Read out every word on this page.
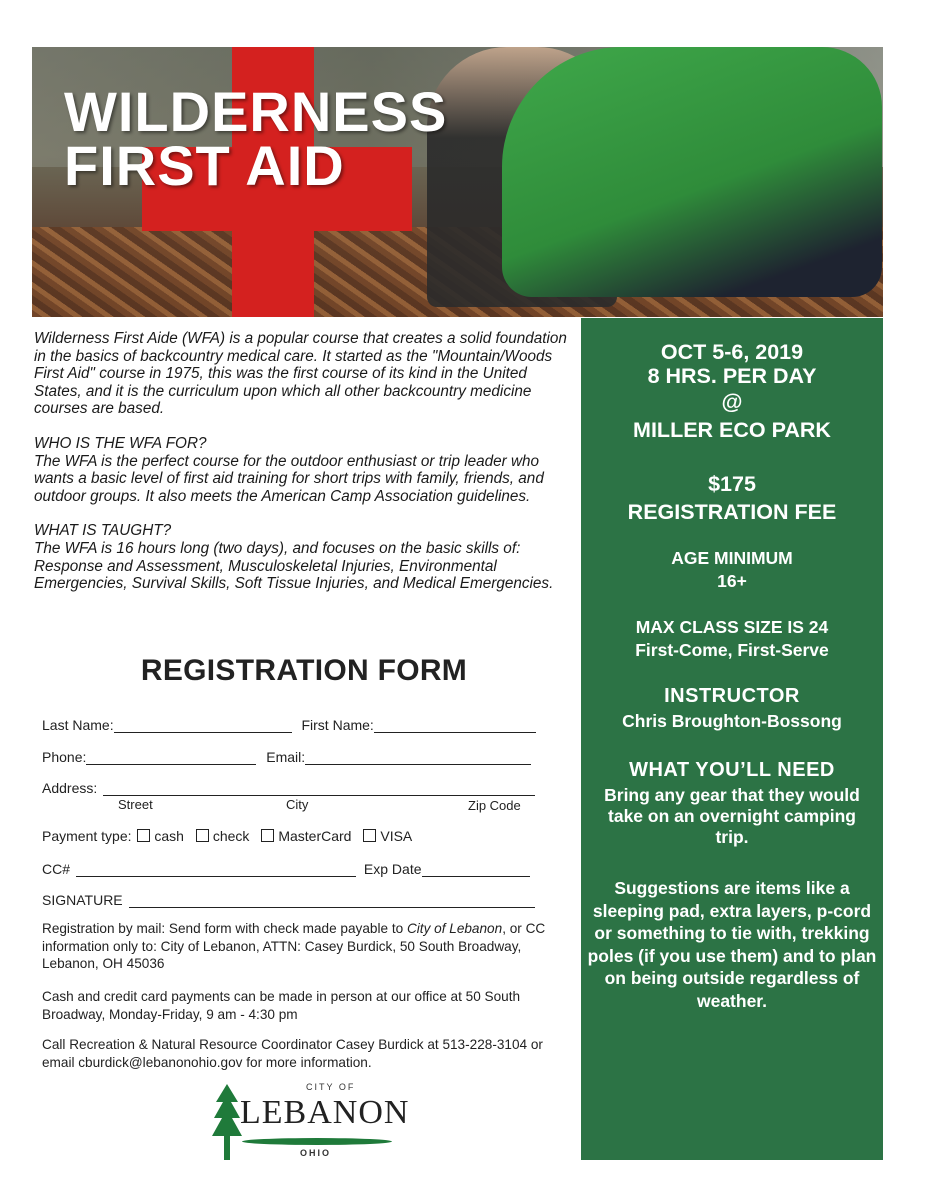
WILDERNESS
FIRST AID

Wilderness First Aide (WFA) is a popular course that creates a solid foundation in the basics of backcountry medical care. It started as the "Mountain/Woods First Aid" course in 1975, this was the first course of its kind in the United States, and it is the curriculum upon which all other backcountry medicine courses are based.

WHO IS THE WFA FOR?
The WFA is the perfect course for the outdoor enthusiast or trip leader who wants a basic level of first aid training for short trips with family, friends, and outdoor groups. It also meets the American Camp Association guidelines.

WHAT IS TAUGHT?
The WFA is 16 hours long (two days), and focuses on the basic skills of: Response and Assessment, Musculoskeletal Injuries, Environmental Emergencies, Survival Skills, Soft Tissue Injuries, and Medical Emergencies.

REGISTRATION FORM
Last Name:	First Name:
Phone:	Email:
Address:
Street	City	Zip Code
Payment type: cash check MasterCard VISA
CC#	Exp Date
SIGNATURE
Registration by mail: Send form with check made payable to City of Lebanon, or CC information only to: City of Lebanon, ATTN: Casey Burdick, 50 South Broadway, Lebanon, OH 45036
Cash and credit card payments can be made in person at our office at 50 South Broadway, Monday-Friday, 9 am - 4:30 pm
Call Recreation & Natural Resource Coordinator Casey Burdick at 513-228-3104 or email cburdick@lebanonohio.gov for more information.
CITY OF
LEBANON
OHIO
OCT 5-6, 2019
8 HRS. PER DAY
@
MILLER ECO PARK
$175
REGISTRATION FEE
AGE MINIMUM
16+
MAX CLASS SIZE IS 24
First-Come, First-Serve
INSTRUCTOR
Chris Broughton-Bossong
WHAT YOU’LL NEED
Bring any gear that they would take on an overnight camping trip.
Suggestions are items like a sleeping pad, extra layers, p-cord or something to tie with, trekking poles (if you use them) and to plan on being outside regardless of weather.
